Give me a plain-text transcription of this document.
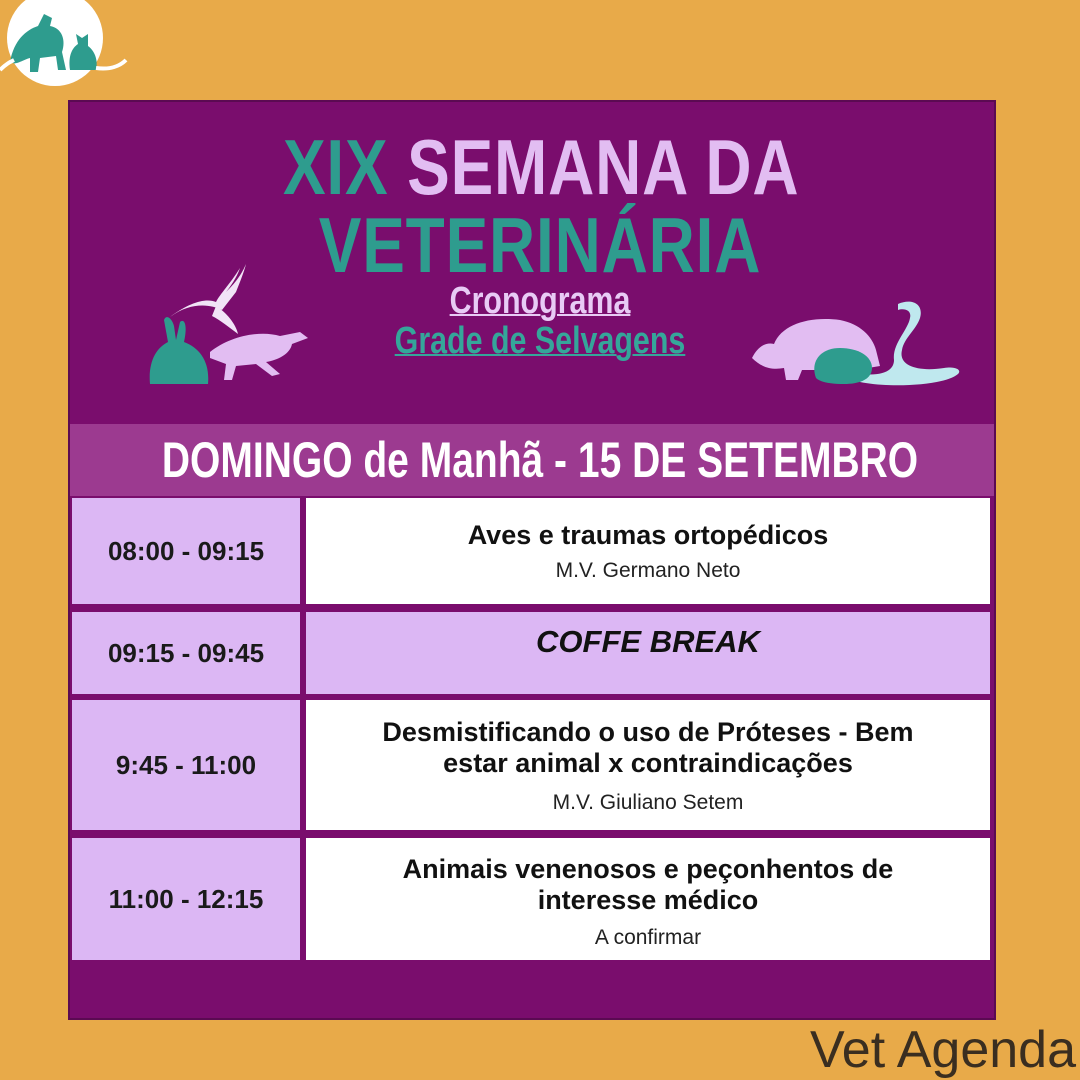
XIX SEMANA DA VETERINÁRIA
Cronograma
Grade de Selvagens
DOMINGO de Manhã - 15 DE SETEMBRO
08:00 - 09:15
Aves e traumas ortopédicos
M.V. Germano Neto
09:15 - 09:45	COFFE BREAK
9:45 - 11:00
Desmistificando o uso de Próteses - Bem
estar animal x contraindicações
M.V. Giuliano Setem
11:00 - 12:15
Animais venenosos e peçonhentos de
interesse médico
A confirmar
Vet Agenda
